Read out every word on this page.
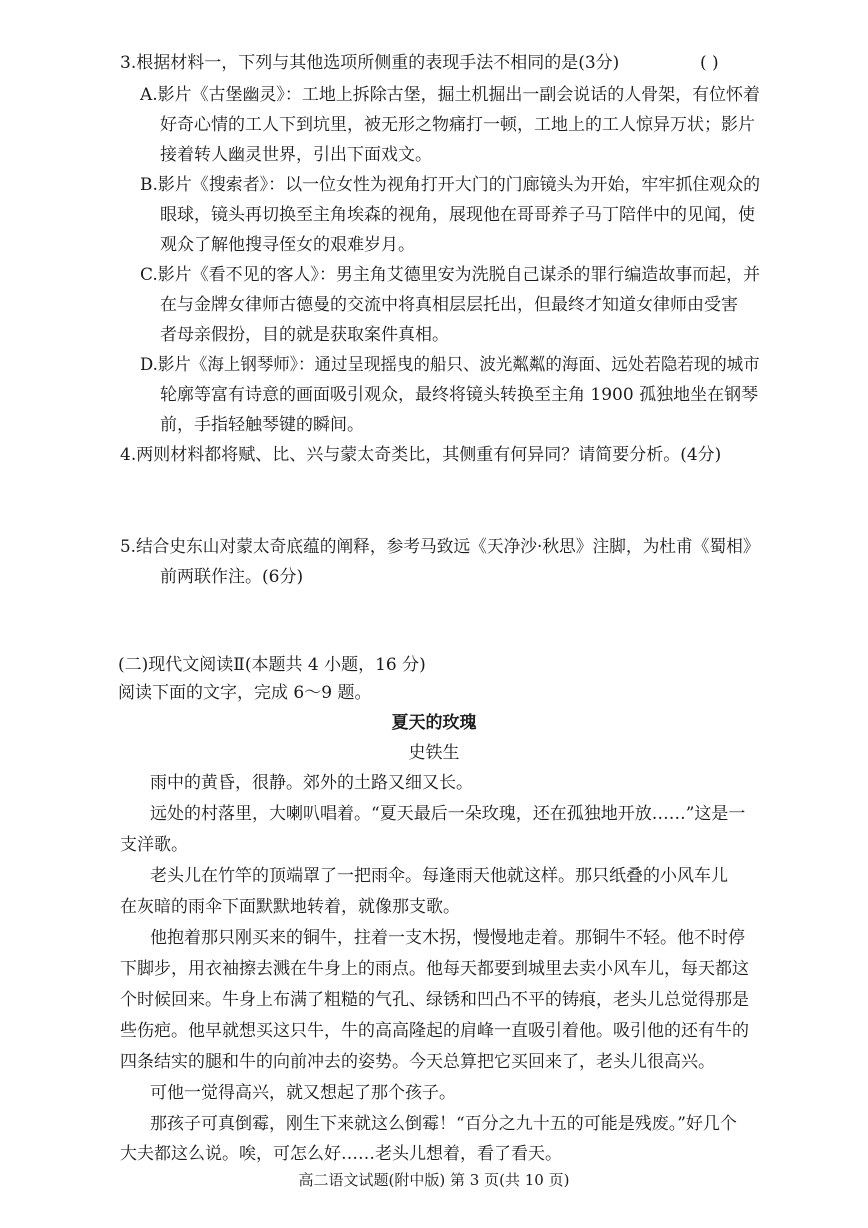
3.根据材料一，下列与其他选项所侧重的表现手法不相同的是(3分)	( )
A.影片《古堡幽灵》：工地上拆除古堡，掘土机掘出一副会说话的人骨架，有位怀着
好奇心情的工人下到坑里，被无形之物痛打一顿，工地上的工人惊异万状；影片
接着转人幽灵世界，引出下面戏文。
B.影片《搜索者》：以一位女性为视角打开大门的门廊镜头为开始，牢牢抓住观众的
眼球，镜头再切换至主角埃森的视角，展现他在哥哥养子马丁陪伴中的见闻，使
观众了解他搜寻侄女的艰难岁月。
C.影片《看不见的客人》：男主角艾德里安为洗脱自己谋杀的罪行编造故事而起，并
在与金牌女律师古德曼的交流中将真相层层托出，但最终才知道女律师由受害
者母亲假扮，目的就是获取案件真相。
D.影片《海上钢琴师》：通过呈现摇曳的船只、波光粼粼的海面、远处若隐若现的城市
轮廓等富有诗意的画面吸引观众，最终将镜头转换至主角 1900 孤独地坐在钢琴
前，手指轻触琴键的瞬间。
4.两则材料都将赋、比、兴与蒙太奇类比，其侧重有何异同？请简要分析。(4分)
5.结合史东山对蒙太奇底蕴的阐释，参考马致远《天净沙·秋思》注脚，为杜甫《蜀相》
前两联作注。(6分)
(二)现代文阅读Ⅱ(本题共 4 小题，16 分)
阅读下面的文字，完成 6～9 题。
夏天的玫瑰
史铁生
雨中的黄昏，很静。郊外的土路又细又长。
远处的村落里，大喇叭唱着。“夏天最后一朵玫瑰，还在孤独地开放……”这是一
支洋歌。
老头儿在竹竿的顶端罩了一把雨伞。每逢雨天他就这样。那只纸叠的小风车儿
在灰暗的雨伞下面默默地转着，就像那支歌。
他抱着那只刚买来的铜牛，拄着一支木拐，慢慢地走着。那铜牛不轻。他不时停
下脚步，用衣袖擦去溅在牛身上的雨点。他每天都要到城里去卖小风车儿，每天都这
个时候回来。牛身上布满了粗糙的气孔、绿锈和凹凸不平的铸痕，老头儿总觉得那是
些伤疤。他早就想买这只牛，牛的高高隆起的肩峰一直吸引着他。吸引他的还有牛的
四条结实的腿和牛的向前冲去的姿势。今天总算把它买回来了，老头儿很高兴。
可他一觉得高兴，就又想起了那个孩子。
那孩子可真倒霉，刚生下来就这么倒霉！“百分之九十五的可能是残废。”好几个
大夫都这么说。唉，可怎么好……老头儿想着，看了看天。
高二语文试题(附中版) 第 3 页(共 10 页)
